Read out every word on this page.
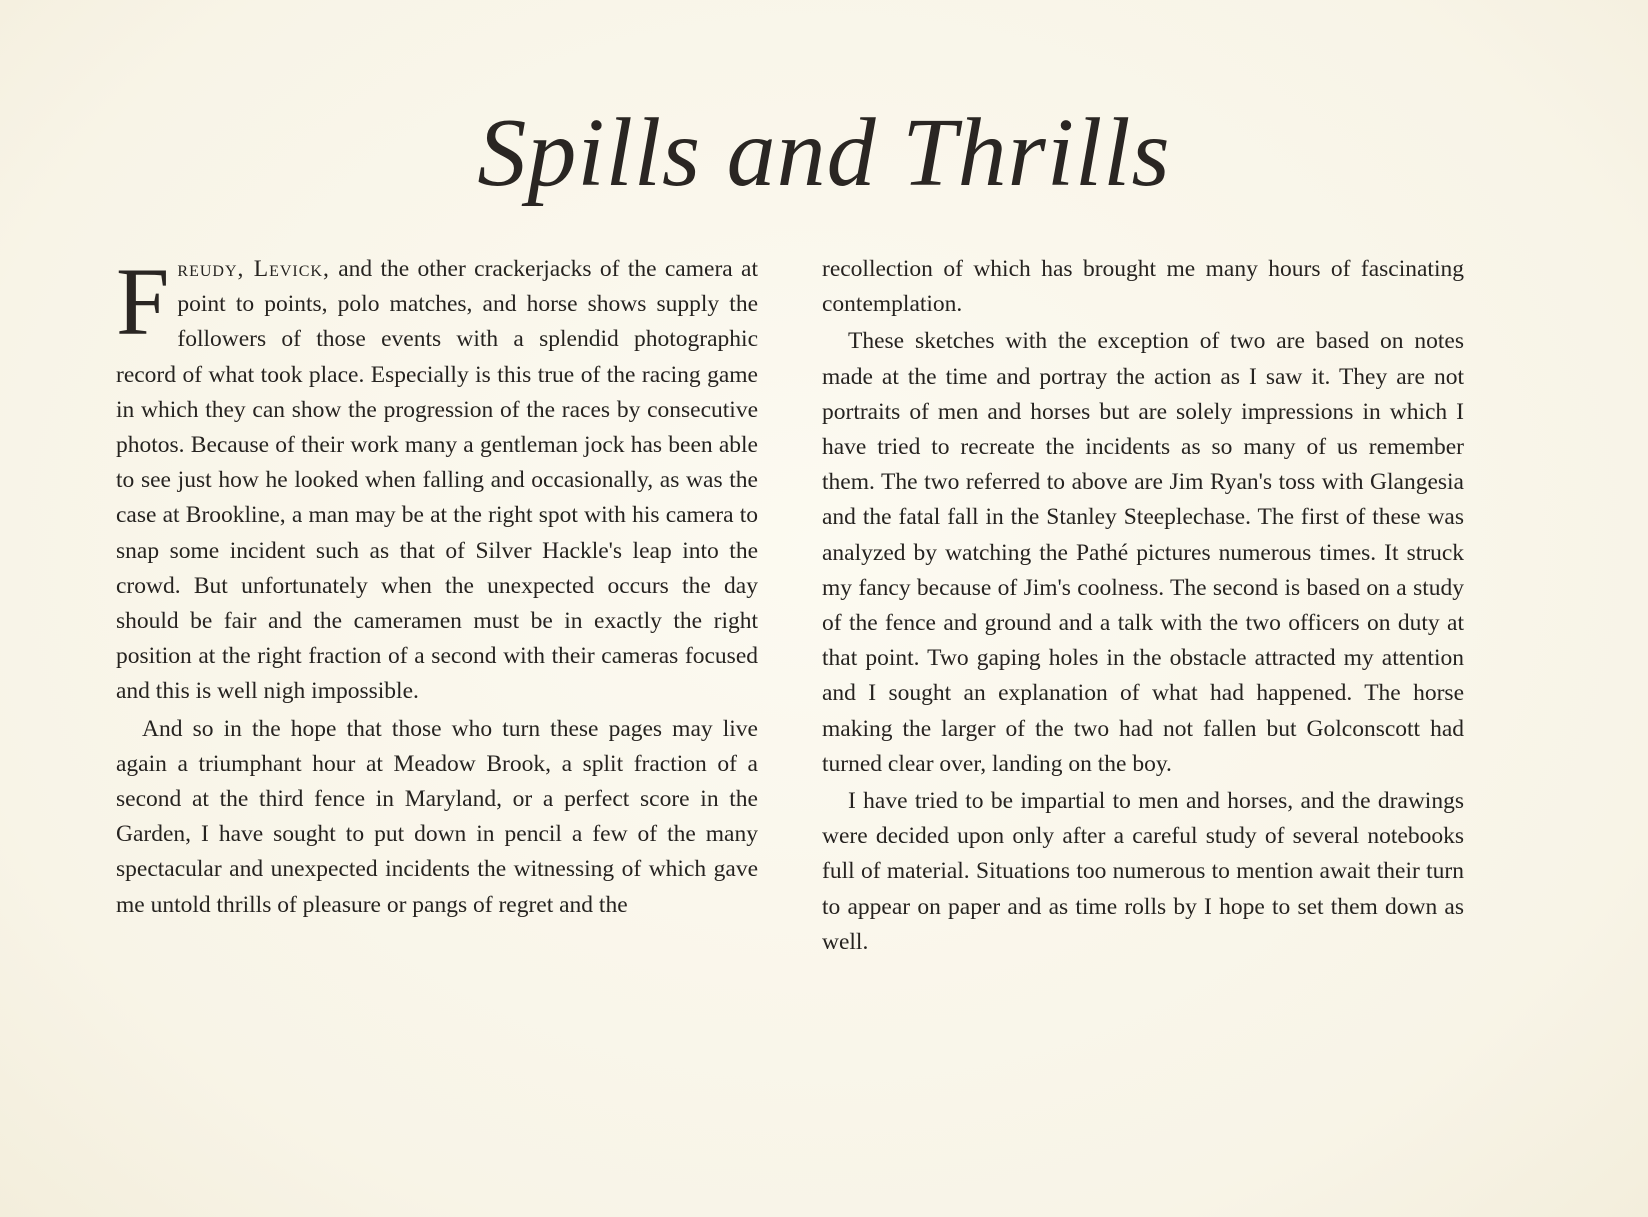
Spills and Thrills

Freudy, Levick, and the other crackerjacks of the camera at point to points, polo matches, and horse shows supply the followers of those events with a splendid photographic record of what took place. Especially is this true of the racing game in which they can show the progression of the races by consecutive photos. Because of their work many a gentleman jock has been able to see just how he looked when falling and occasionally, as was the case at Brookline, a man may be at the right spot with his camera to snap some incident such as that of Silver Hackle's leap into the crowd. But unfortunately when the unexpected occurs the day should be fair and the cameramen must be in exactly the right position at the right fraction of a second with their cameras focused and this is well nigh impossible.

And so in the hope that those who turn these pages may live again a triumphant hour at Meadow Brook, a split fraction of a second at the third fence in Maryland, or a perfect score in the Garden, I have sought to put down in pencil a few of the many spectacular and unexpected incidents the witnessing of which gave me untold thrills of pleasure or pangs of regret and the

recollection of which has brought me many hours of fascinating contemplation.

These sketches with the exception of two are based on notes made at the time and portray the action as I saw it. They are not portraits of men and horses but are solely impressions in which I have tried to recreate the incidents as so many of us remember them. The two referred to above are Jim Ryan's toss with Glangesia and the fatal fall in the Stanley Steeplechase. The first of these was analyzed by watching the Pathé pictures numerous times. It struck my fancy because of Jim's coolness. The second is based on a study of the fence and ground and a talk with the two officers on duty at that point. Two gaping holes in the obstacle attracted my attention and I sought an explanation of what had happened. The horse making the larger of the two had not fallen but Golconscott had turned clear over, landing on the boy.

I have tried to be impartial to men and horses, and the drawings were decided upon only after a careful study of several notebooks full of material. Situations too numerous to mention await their turn to appear on paper and as time rolls by I hope to set them down as well.
